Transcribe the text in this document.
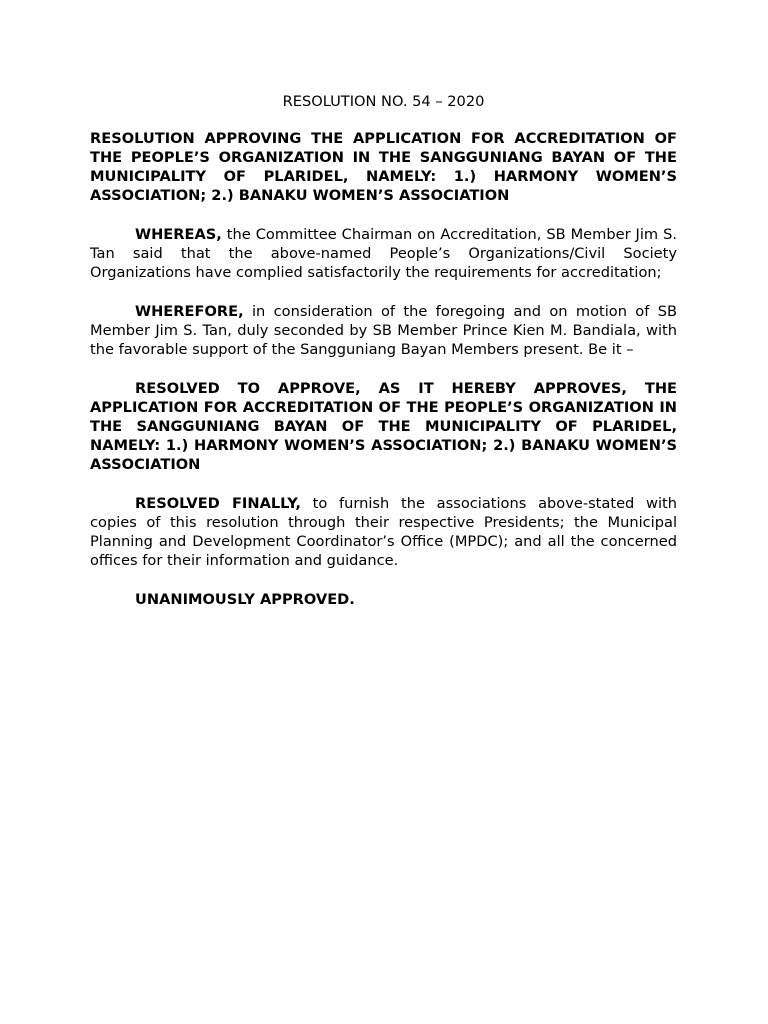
RESOLUTION NO. 54 – 2020

RESOLUTION APPROVING THE APPLICATION FOR ACCREDITATION OF THE PEOPLE’S ORGANIZATION IN THE SANGGUNIANG BAYAN OF THE MUNICIPALITY OF PLARIDEL, NAMELY: 1.) HARMONY WOMEN’S ASSOCIATION; 2.) BANAKU WOMEN’S ASSOCIATION

WHEREAS, the Committee Chairman on Accreditation, SB Member Jim S. Tan said that the above-named People’s Organizations/Civil Society Organizations have complied satisfactorily the requirements for accreditation;

WHEREFORE, in consideration of the foregoing and on motion of SB Member Jim S. Tan, duly seconded by SB Member Prince Kien M. Bandiala, with the favorable support of the Sangguniang Bayan Members present. Be it –

RESOLVED TO APPROVE, AS IT HEREBY APPROVES, THE APPLICATION FOR ACCREDITATION OF THE PEOPLE’S ORGANIZATION IN THE SANGGUNIANG BAYAN OF THE MUNICIPALITY OF PLARIDEL, NAMELY: 1.) HARMONY WOMEN’S ASSOCIATION; 2.) BANAKU WOMEN’S ASSOCIATION

RESOLVED FINALLY, to furnish the associations above-stated with copies of this resolution through their respective Presidents; the Municipal Planning and Development Coordinator’s Office (MPDC); and all the concerned offices for their information and guidance.

UNANIMOUSLY APPROVED.
